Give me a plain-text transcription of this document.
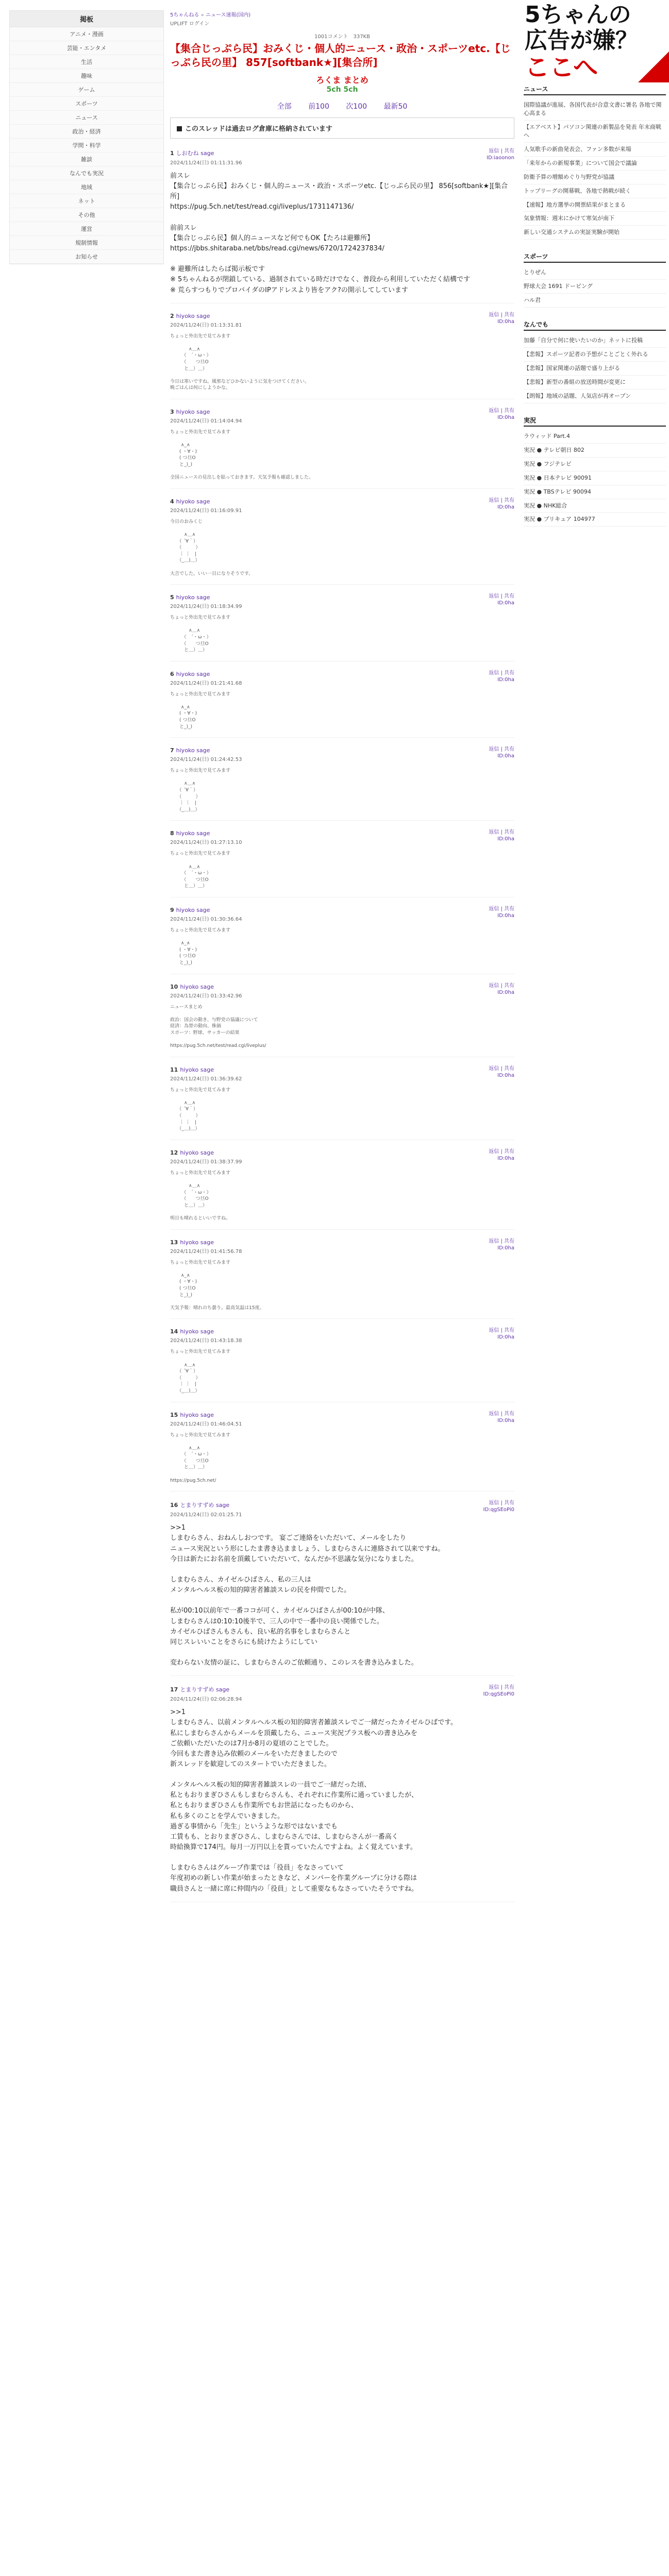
掲板
アニメ・漫画
芸能・エンタメ
生活
趣味
ゲーム
スポーツ
ニュース
政治・経済
学問・科学
雑談
なんでも実況
地域
ネット
その他
運営
規制情報
お知らせ
5ちゃんねる » ニュース速報(国内)
UPLIFT ログイン
1001コメント　337KB
【集合じっぷら民】おみくじ・個人的ニュース・政治・スポーツetc.【じっぷら民の里】 857[softbank★][集合所]
ろくま まとめ
5ch 5ch
全部 前100 次100 最新50
このスレッドは過去ログ倉庫に格納されています
1 しおむね sage
2024/11/24(日) 01:11:31.96
返信 | 共有
ID:iaoonon
前スレ
【集合じっぷら民】おみくじ・個人的ニュース・政治・スポーツetc.【じっぷら民の里】 856[softbank★][集合所]
https://pug.5ch.net/test/read.cgi/liveplus/1731147136/

前前スレ
【集合じっぷら民】個人的ニュースなど何でもOK【たろは避難所】
https://jbbs.shitaraba.net/bbs/read.cgi/news/6720/1724237834/

※ 避難所はしたらば掲示板です
※ 5ちゃんねるが閉鎖している、過制されている時だけでなく、普段から利用していただく結構です
※ 荒らすつもりでプロバイダのIPアドレスより皆をアク?の開示してしています
2 hiyoko sage
2024/11/24(日) 01:13:31.81
返信 | 共有
ID:0ha
ちょっと外出先で見てみます

　　　　∧＿∧
　　　（　´・ω・）
　　　（　　つ旦O
　　　と＿）＿）

今日は寒いですね。風邪などひかないように気をつけてください。
晩ごはんは何にしようかな。
3 hiyoko sage
2024/11/24(日) 01:14:04.94
返信 | 共有
ID:0ha
ちょっと外出先で見てみます

　　 ∧_∧
　　( ・∀・)
　　( つ旦O
　　と_)_)

全国ニュースの見出しを貼っておきます。天気予報も確認しました。
4 hiyoko sage
2024/11/24(日) 01:16:09.91
返信 | 共有
ID:0ha
今日のおみくじ

　　　∧＿∧
　　（ ´∀｀）
　　（　　　）
　　｜ ｜　|
　　（_＿)＿）

大吉でした。いい一日になりそうです。
5 hiyoko sage
2024/11/24(日) 01:18:34.99
返信 | 共有
ID:0ha
ちょっと外出先で見てみます

　　　　∧＿∧
　　　（　´・ω・）
　　　（　　つ旦O
　　　と＿）＿）
6 hiyoko sage
2024/11/24(日) 01:21:41.68
返信 | 共有
ID:0ha
ちょっと外出先で見てみます

　　 ∧_∧
　　( ・∀・)
　　( つ旦O
　　と_)_)
7 hiyoko sage
2024/11/24(日) 01:24:42.53
返信 | 共有
ID:0ha
ちょっと外出先で見てみます

　　　∧＿∧
　　（ ´∀｀）
　　（　　　）
　　｜ ｜　|
　　（_＿)＿）
8 hiyoko sage
2024/11/24(日) 01:27:13.10
返信 | 共有
ID:0ha
ちょっと外出先で見てみます

　　　　∧＿∧
　　　（　´・ω・）
　　　（　　つ旦O
　　　と＿）＿）
9 hiyoko sage
2024/11/24(日) 01:30:36.64
返信 | 共有
ID:0ha
ちょっと外出先で見てみます

　　 ∧_∧
　　( ・∀・)
　　( つ旦O
　　と_)_)
10 hiyoko sage
2024/11/24(日) 01:33:42.96
返信 | 共有
ID:0ha
ニュースまとめ

政治：国会の動き、与野党の協議について
経済：為替の動向、株価
スポーツ：野球、サッカーの結果

https://pug.5ch.net/test/read.cgi/liveplus/
11 hiyoko sage
2024/11/24(日) 01:36:39.62
返信 | 共有
ID:0ha
ちょっと外出先で見てみます

　　　∧＿∧
　　（ ´∀｀）
　　（　　　）
　　｜ ｜　|
　　（_＿)＿）
12 hiyoko sage
2024/11/24(日) 01:38:37.99
返信 | 共有
ID:0ha
ちょっと外出先で見てみます

　　　　∧＿∧
　　　（　´・ω・）
　　　（　　つ旦O
　　　と＿）＿）

明日も晴れるといいですね。
13 hiyoko sage
2024/11/24(日) 01:41:56.78
返信 | 共有
ID:0ha
ちょっと外出先で見てみます

　　 ∧_∧
　　( ・∀・)
　　( つ旦O
　　と_)_)

天気予報：晴れのち曇り。最高気温は15度。
14 hiyoko sage
2024/11/24(日) 01:43:18.38
返信 | 共有
ID:0ha
ちょっと外出先で見てみます

　　　∧＿∧
　　（ ´∀｀）
　　（　　　）
　　｜ ｜　|
　　（_＿)＿）
15 hiyoko sage
2024/11/24(日) 01:46:04.51
返信 | 共有
ID:0ha
ちょっと外出先で見てみます

　　　　∧＿∧
　　　（　´・ω・）
　　　（　　つ旦O
　　　と＿）＿）

https://pug.5ch.net/
16 とまりすずめ sage
2024/11/24(日) 02:01:25.71
返信 | 共有
ID:qgSEoPi0
>>1
しまむらさん、おねんしおつです。 宴ごご連絡をいただいて、メールをしたり
ニュース実況という形にしたま書き込まましょう、しまむらさんに連絡されて以来ですね。
今日は新たにお名前を頂戴していただいて、なんだか不思議な気分になりました。

しまむらさん、カイゼルひばさん、私の三人は
メンタルヘルス板の知的障害者雑談スレの民を仲間でした。

私が00:10以前年で一番ココが可く、カイゼルひばさんが00:10が中隊、
しまむらさんは0:10:10後半で、三人の中で一番中の良い関係でした。
カイゼルひばさんもさんも、良い私的名事をしまむらさんと
同じスレいいことをさらにも続けたようにしてい

変わらない友情の証に、しまむらさんのご依頼通り、このレスを書き込みました。
17 とまりすずめ sage
2024/11/24(日) 02:06:28.94
返信 | 共有
ID:qgSEoPi0
>>1
しまむらさん、以前メンタルヘルス板の知的障害者雑談スレでご一緒だったカイゼルひばです。
私にしまむらさんからメールを頂戴したら、ニュース実況プラス板への書き込みを
ご依頼いただいたのは7月か8月の夏頃のことでした。
今回もまた書き込み依頼のメールをいただきましたので
新スレッドを歓迎してのスタートでいただきました。

メンタルヘルス板の知的障害者雑談スレの一員でご一緒だった頃、
私ともおりまぎひさんもしまむらさんも、それぞれに作業所に通っていましたが、
私ともおりまぎひさんも作業所でもお世話になったものから、
私も多くのことを学んでいきました。
過ぎる事情から「先生」というような形ではないまでも
工賃もも、とおりまぎひさん、しまむらさんでは、しまむらさんが一番高く
時給換算で174円。毎月一万円以上を貰っていたんですよね。よく覚えています。

しまむらさんはグループ作業では「役員」をなさっていて
年度初めの新しい作業が始まったときなど、メンバーを作業グループに分ける際は
職員さんと一緒に席に仲間内の「役員」として重要なもなさっていたそうですね。
5ちゃんの
広告が嫌？
ここへ
ニュース
国際協議が進展、各国代表が合意文書に署名 各地で関心高まる
【エアベスト】パソコン関連の新製品を発表 年末商戦へ
人気歌手の新曲発表会、ファン多数が来場
「来年からの新規事業」について国会で議論
防衛予算の増額めぐり与野党が協議
トップリーグの開幕戦、各地で熱戦が続く
【速報】地方選挙の開票結果がまとまる
気象情報：週末にかけて寒気が南下
新しい交通システムの実証実験が開始
スポーツ
とりぜん
野球大会 1691 ドーピング
ハル君
なんでも
加藤「自分で何に使いたいのか」ネットに投稿
【悲報】スポーツ記者の予想がことごとく外れる
【悲報】国家関連の話題で盛り上がる
【悲報】新型の番組の放送時間が変更に
【朗報】地域の話題、人気店が再オープン
実況
ラウィッド Part.4
実況 ● テレビ朝日 802
実況 ● フジテレビ
実況 ● 日本テレビ 90091
実況 ● TBSテレビ 90094
実況 ● NHK総合
実況 ● プリキュア 104977
